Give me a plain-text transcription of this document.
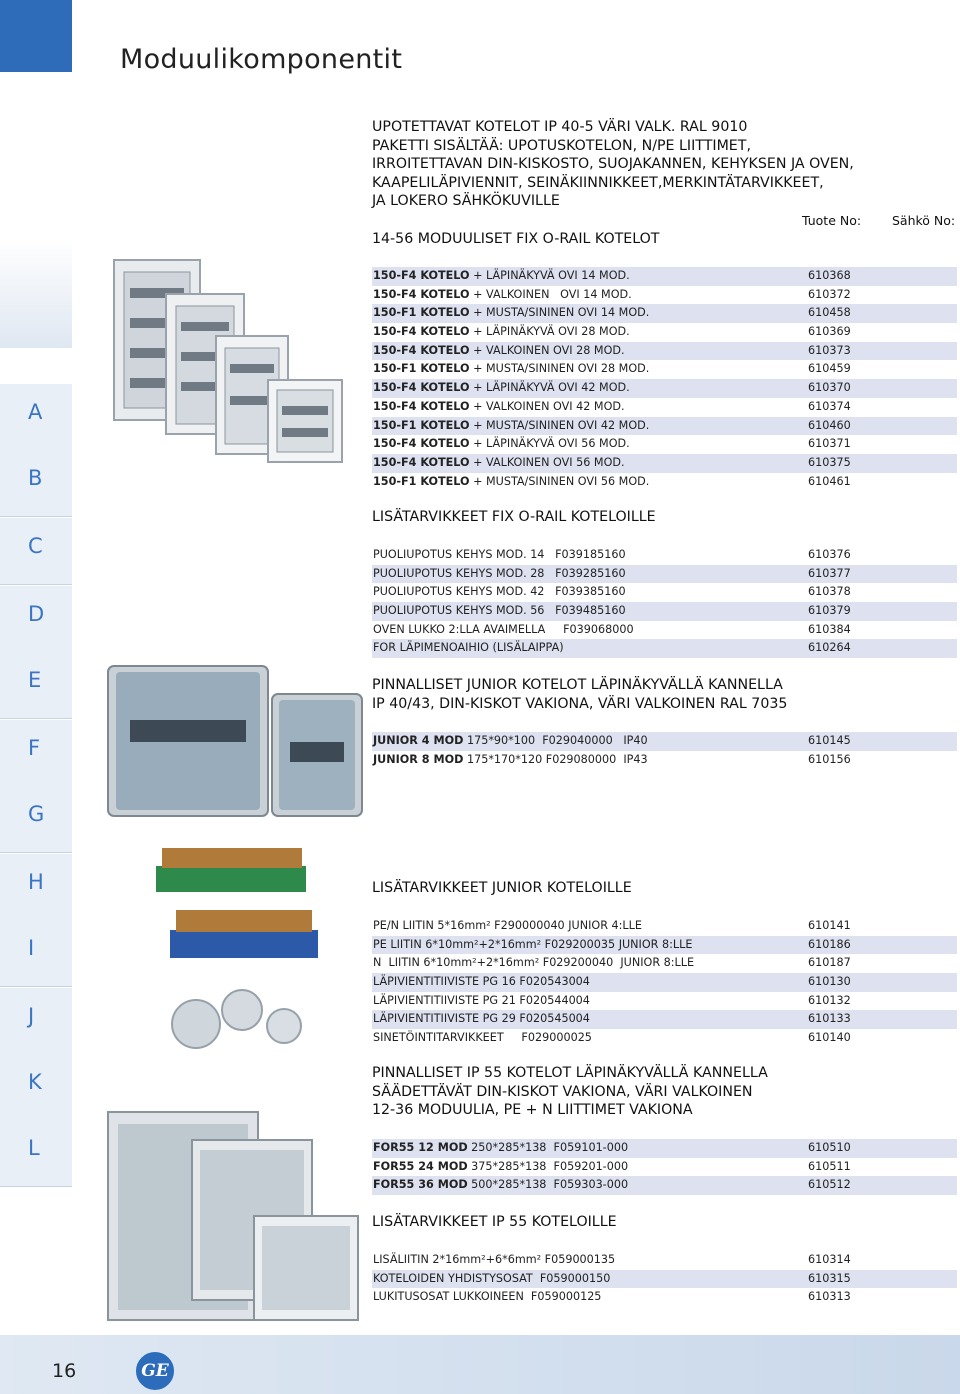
Moduulikomponentit
A
B
C
D
E
F
G
H
I
J
K
L
UPOTETTAVAT KOTELOT IP 40-5 VÄRI VALK. RAL 9010
PAKETTI SISÄLTÄÄ: UPOTUSKOTELON, N/PE LIITTIMET,
IRROITETTAVAN DIN-KISKOSTO, SUOJAKANNEN, KEHYKSEN JA OVEN,
KAAPELILÄPIVIENNIT, SEINÄKIINNIKKEET,MERKINTÄTARVIKKEET,
JA LOKERO SÄHKÖKUVILLE
Tuote No: Sähkö No:
14-56 MODUULISET FIX O-RAIL KOTELOT
150-F4 KOTELO + LÄPINÄKYVÄ OVI 14 MOD.	610368
150-F4 KOTELO + VALKOINEN   OVI 14 MOD.	610372
150-F1 KOTELO + MUSTA/SININEN OVI 14 MOD.	610458
150-F4 KOTELO + LÄPINÄKYVÄ OVI 28 MOD.	610369
150-F4 KOTELO + VALKOINEN OVI 28 MOD.	610373
150-F1 KOTELO + MUSTA/SININEN OVI 28 MOD.	610459
150-F4 KOTELO + LÄPINÄKYVÄ OVI 42 MOD.	610370
150-F4 KOTELO + VALKOINEN OVI 42 MOD.	610374
150-F1 KOTELO + MUSTA/SININEN OVI 42 MOD.	610460
150-F4 KOTELO + LÄPINÄKYVÄ OVI 56 MOD.	610371
150-F4 KOTELO + VALKOINEN OVI 56 MOD.	610375
150-F1 KOTELO + MUSTA/SININEN OVI 56 MOD.	610461
LISÄTARVIKKEET FIX O-RAIL KOTELOILLE
PUOLIUPOTUS KEHYS MOD. 14   F039185160	610376
PUOLIUPOTUS KEHYS MOD. 28   F039285160	610377
PUOLIUPOTUS KEHYS MOD. 42   F039385160	610378
PUOLIUPOTUS KEHYS MOD. 56   F039485160	610379
OVEN LUKKO 2:LLA AVAIMELLA     F039068000	610384
FOR LÄPIMENOAIHIO (LISÄLAIPPA)	610264
PINNALLISET JUNIOR KOTELOT LÄPINÄKYVÄLLÄ KANNELLA
IP 40/43, DIN-KISKOT VAKIONA, VÄRI VALKOINEN RAL 7035
JUNIOR 4 MOD 175*90*100  F029040000   IP40	610145
JUNIOR 8 MOD 175*170*120 F029080000  IP43	610156
LISÄTARVIKKEET JUNIOR KOTELOILLE
PE/N LIITIN 5*16mm² F290000040 JUNIOR 4:LLE	610141
PE LIITIN 6*10mm²+2*16mm² F029200035 JUNIOR 8:LLE	610186
N  LIITIN 6*10mm²+2*16mm² F029200040  JUNIOR 8:LLE	610187
LÄPIVIENTITIIVISTE PG 16 F020543004	610130
LÄPIVIENTITIIVISTE PG 21 F020544004	610132
LÄPIVIENTITIIVISTE PG 29 F020545004	610133
SINETÖINTITARVIKKEET     F029000025	610140
PINNALLISET IP 55 KOTELOT LÄPINÄKYVÄLLÄ KANNELLA
SÄÄDETTÄVÄT DIN-KISKOT VAKIONA, VÄRI VALKOINEN
12-36 MODUULIA, PE + N LIITTIMET VAKIONA
FOR55 12 MOD 250*285*138  F059101-000	610510
FOR55 24 MOD 375*285*138  F059201-000	610511
FOR55 36 MOD 500*285*138  F059303-000	610512
LISÄTARVIKKEET IP 55 KOTELOILLE
LISÄLIITIN 2*16mm²+6*6mm² F059000135	610314
KOTELOIDEN YHDISTYSOSAT  F059000150	610315
LUKITUSOSAT LUKKOINEEN  F059000125	610313
16	GE
